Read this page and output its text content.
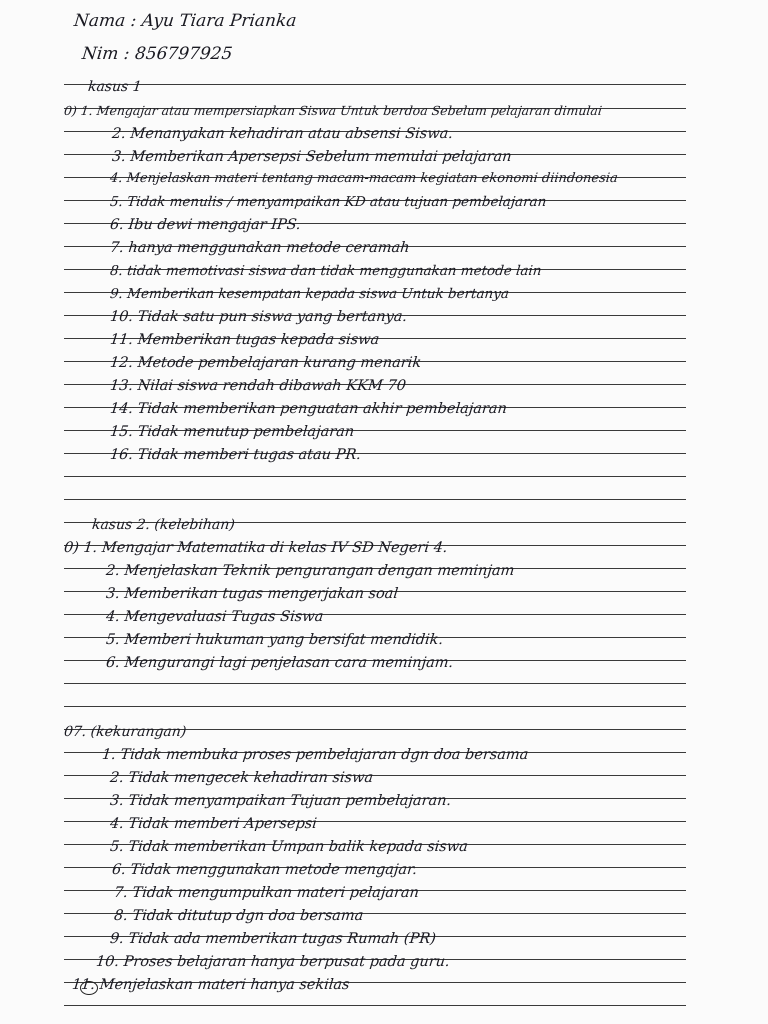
Nama : Ayu Tiara Prianka
Nim : 856797925
kasus 1
0) 1. Mengajar atau mempersiapkan Siswa Untuk berdoa Sebelum pelajaran dimulai
2. Menanyakan kehadiran atau absensi Siswa.
3. Memberikan Apersepsi Sebelum memulai pelajaran
4. Menjelaskan materi tentang macam-macam kegiatan ekonomi diindonesia
5. Tidak menulis / menyampaikan KD atau tujuan pembelajaran
6. Ibu dewi mengajar IPS.
7. hanya menggunakan metode ceramah
8. tidak memotivasi siswa dan tidak menggunakan metode lain
9. Memberikan kesempatan kepada siswa Untuk bertanya
10. Tidak satu pun siswa yang bertanya.
11. Memberikan tugas kepada siswa
12. Metode pembelajaran kurang menarik
13. Nilai siswa rendah dibawah KKM 70
14. Tidak memberikan penguatan akhir pembelajaran
15. Tidak menutup pembelajaran
16. Tidak memberi tugas atau PR.
kasus 2. (kelebihan)
0) 1. Mengajar Matematika di kelas IV SD Negeri 4.
2. Menjelaskan Teknik pengurangan dengan meminjam
3. Memberikan tugas mengerjakan soal
4. Mengevaluasi Tugas Siswa
5. Memberi hukuman yang bersifat mendidik.
6. Mengurangi lagi penjelasan cara meminjam.
07. (kekurangan)
1. Tidak membuka proses pembelajaran dgn doa bersama
2. Tidak mengecek kehadiran siswa
3. Tidak menyampaikan Tujuan pembelajaran.
4. Tidak memberi Apersepsi
5. Tidak memberikan Umpan balik kepada siswa
6. Tidak menggunakan metode mengajar.
7. Tidak mengumpulkan materi pelajaran
8. Tidak ditutup dgn doa bersama
9. Tidak ada memberikan tugas Rumah (PR)
10. Proses belajaran hanya berpusat pada guru.
11. Menjelaskan materi hanya sekilas
